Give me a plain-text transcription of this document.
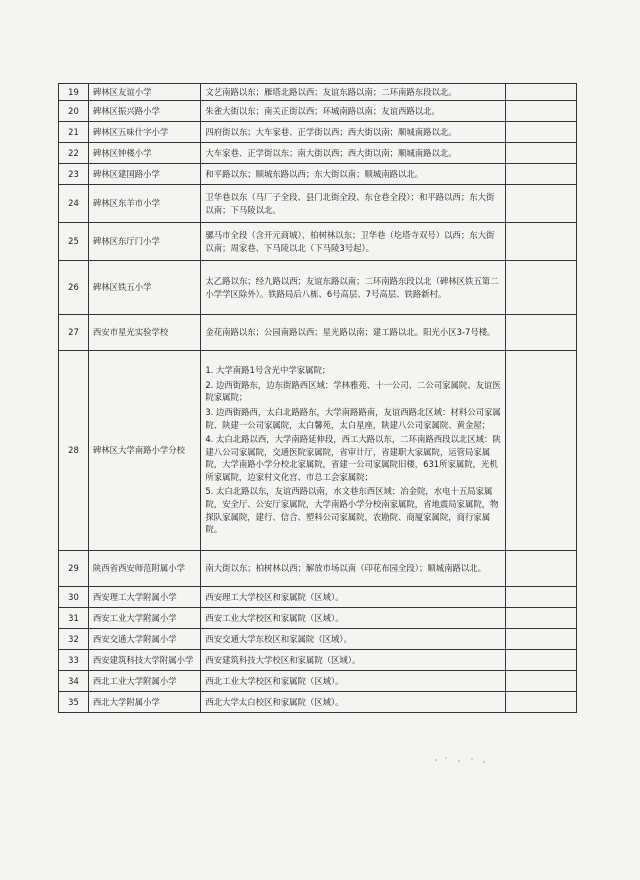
19	碑林区友谊小学	文艺南路以东；雁塔北路以西；友谊东路以南；二环南路东段以北。	
20	碑林区振兴路小学	朱雀大街以东；南关正街以西；环城南路以南；友谊西路以北。	
21	碑林区五味什字小学	四府街以东；大车家巷、正学街以西；西大街以南；顺城南路以北。	
22	碑林区钟楼小学	大车家巷、正学街以东；南大街以西；西大街以南；顺城南路以北。	
23	碑林区建国路小学	和平路以东；顺城东路以西；东大街以南；顺城南路以北。	
24	碑林区东羊市小学	卫华巷以东（马厂子全段、县门北街全段、东仓巷全段）；和平路以西；东大街以南；下马陵以北。	
25	碑林区东厅门小学	骡马市全段（含开元商城）、柏树林以东；卫华巷（圪塔寺双号）以西；东大街以南；周家巷、下马陵以北（下马陵3号起）。	
26	碑林区铁五小学	太乙路以东；经九路以西；友谊东路以南；二环南路东段以北（碑林区铁五第二小学学区除外）。铁路局后八栋、6号高层、7号高层、铁路新村。	
27	西安市星光实验学校	金花南路以东；公园南路以西；星光路以南；建工路以北。阳光小区3-7号楼。	
28	碑林区大学南路小学分校	1. 大学南路1号含光中学家属院；
2. 边西街路东，边东街路西区域：学林雅苑、十一公司、二公司家属院、友谊医院家属院；
3. 边西街路西，太白北路路东，大学南路路南，友谊西路北区域：材料公司家属院、陕建一公司家属院，太白馨苑，太白星座，陕建八公司家属院、黄金屋；
4. 太白北路以西，大学南路延伸段，西工大路以东，二环南路西段以北区域：陕建八公司家属院，交通医院家属院，省审计厅，省建职大家属院，运管局家属院，大学南路小学分校北家属院，省建一公司家属院旧楼，631所家属院，光机所家属院，边家村文化宫、市总工会家属院；
5. 太白北路以东，友谊西路以南，水文巷东西区域：冶金院，水电十五局家属院，安全厅、公安厅家属院，大学南路小学分校南家属院，省地震局家属院，物探队家属院，建行、信合、塑料公司家属院，农勘院、商厦家属院，商行家属院。	

29	陕西省西安师范附属小学	南大街以东；柏树林以西；解放市场以南（印花布园全段）；顺城南路以北。	
30	西安理工大学附属小学	西安理工大学校区和家属院（区域）。	
31	西安工业大学附属小学	西安工业大学校区和家属院（区域）。	
32	西安交通大学附属小学	西安交通大学东校区和家属院（区域）。	
33	西安建筑科技大学附属小学	西安建筑科技大学校区和家属院（区域）。	
34	西北工业大学附属小学	西北工业大学校区和家属院（区域）。	
35	西北大学附属小学	西北大学太白校区和家属院（区域）。	
